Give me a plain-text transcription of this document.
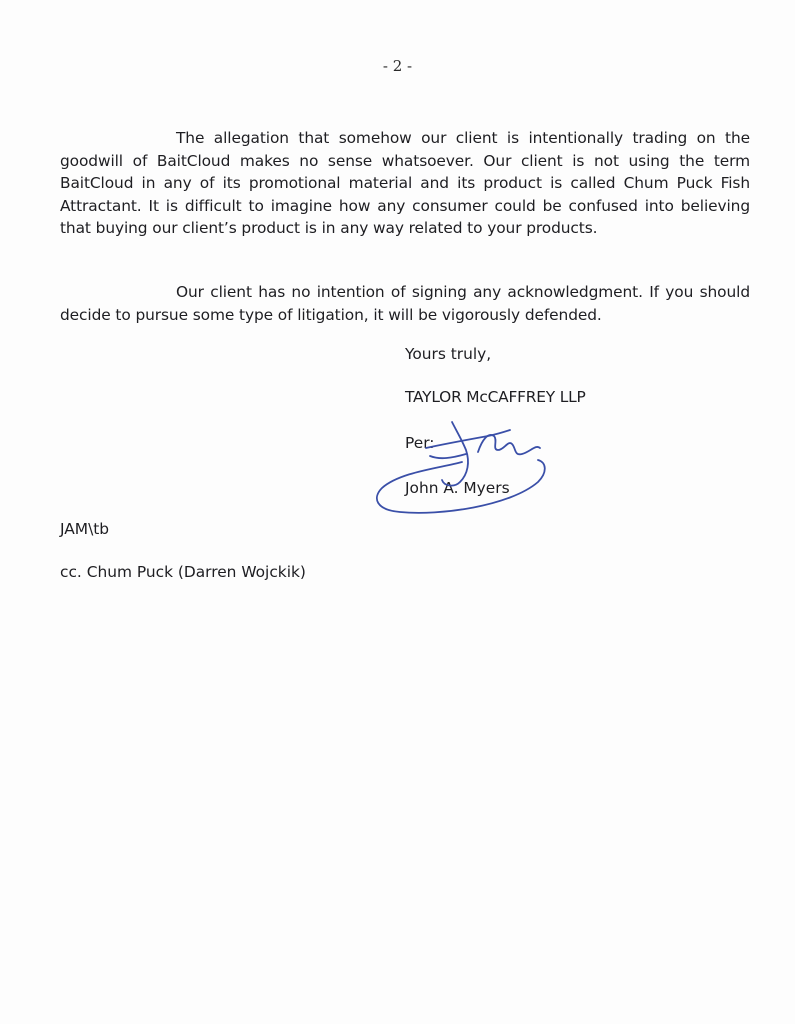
- 2 -

The allegation that somehow our client is intentionally trading on the goodwill of BaitCloud makes no sense whatsoever. Our client is not using the term BaitCloud in any of its promotional material and its product is called Chum Puck Fish Attractant. It is difficult to imagine how any consumer could be confused into believing that buying our client’s product is in any way related to your products.

Our client has no intention of signing any acknowledgment. If you should decide to pursue some type of litigation, it will be vigorously defended.

Yours truly,
TAYLOR McCAFFREY LLP
Per:
John A. Myers
JAM\tb
cc. Chum Puck (Darren Wojckik)
